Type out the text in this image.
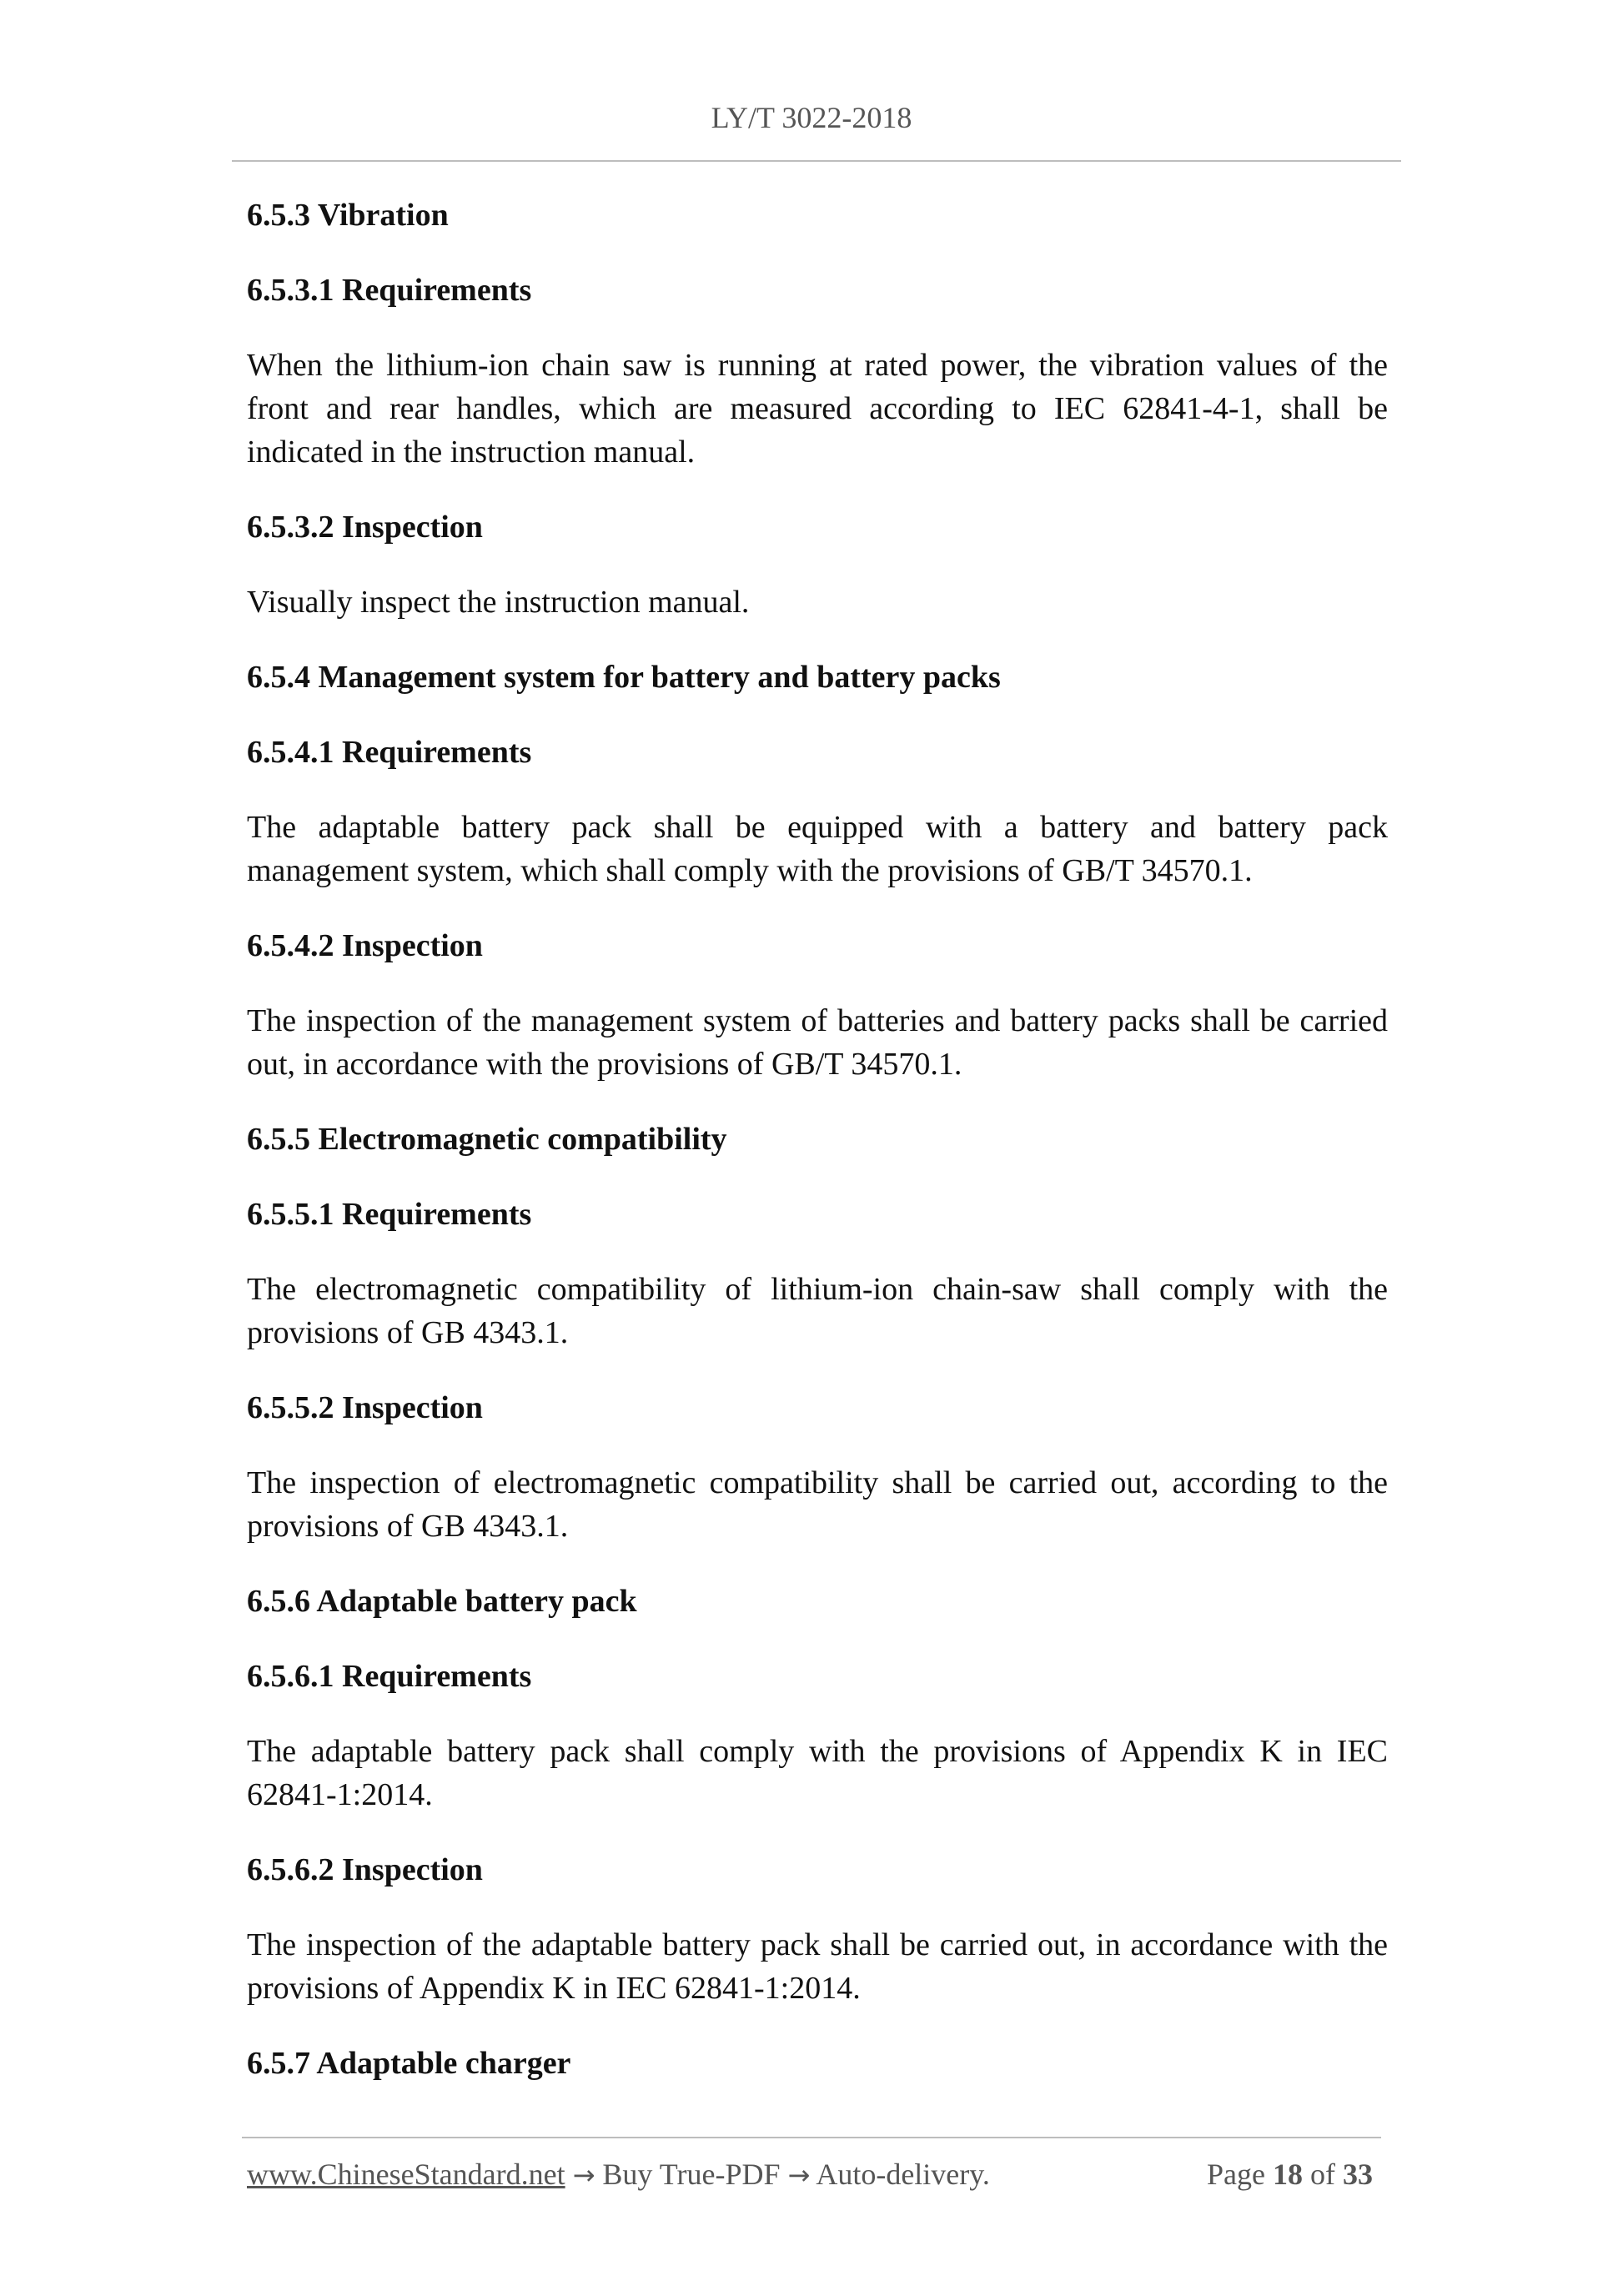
LY/T 3022-2018
6.5.3 Vibration
6.5.3.1 Requirements
When the lithium-ion chain saw is running at rated power, the vibration values of the front and rear handles, which are measured according to IEC 62841-4-1, shall be indicated in the instruction manual.
6.5.3.2 Inspection
Visually inspect the instruction manual.
6.5.4 Management system for battery and battery packs
6.5.4.1 Requirements
The adaptable battery pack shall be equipped with a battery and battery pack management system, which shall comply with the provisions of GB/T 34570.1.
6.5.4.2 Inspection
The inspection of the management system of batteries and battery packs shall be carried out, in accordance with the provisions of GB/T 34570.1.
6.5.5 Electromagnetic compatibility
6.5.5.1 Requirements
The electromagnetic compatibility of lithium-ion chain-saw shall comply with the provisions of GB 4343.1.
6.5.5.2 Inspection
The inspection of electromagnetic compatibility shall be carried out, according to the provisions of GB 4343.1.
6.5.6 Adaptable battery pack
6.5.6.1 Requirements
The adaptable battery pack shall comply with the provisions of Appendix K in IEC 62841-1:2014.
6.5.6.2 Inspection
The inspection of the adaptable battery pack shall be carried out, in accordance with the provisions of Appendix K in IEC 62841-1:2014.
6.5.7 Adaptable charger
www.ChineseStandard.net → Buy True-PDF → Auto-delivery.	Page 18 of 33
